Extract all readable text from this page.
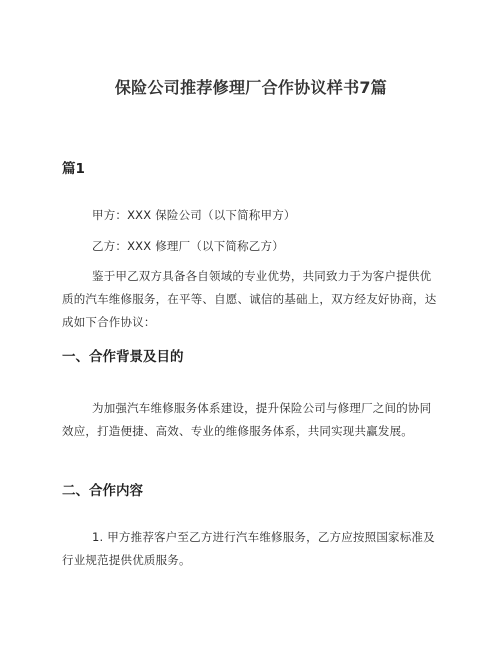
保险公司推荐修理厂合作协议样书7篇
篇1
甲方：XXX 保险公司（以下简称甲方）
乙方：XXX 修理厂（以下简称乙方）
鉴于甲乙双方具备各自领域的专业优势，共同致力于为客户提供优质的汽车维修服务，在平等、自愿、诚信的基础上，双方经友好协商，达成如下合作协议：
一、合作背景及目的
为加强汽车维修服务体系建设，提升保险公司与修理厂之间的协同效应，打造便捷、高效、专业的维修服务体系，共同实现共赢发展。
二、合作内容
1. 甲方推荐客户至乙方进行汽车维修服务，乙方应按照国家标准及行业规范提供优质服务。
